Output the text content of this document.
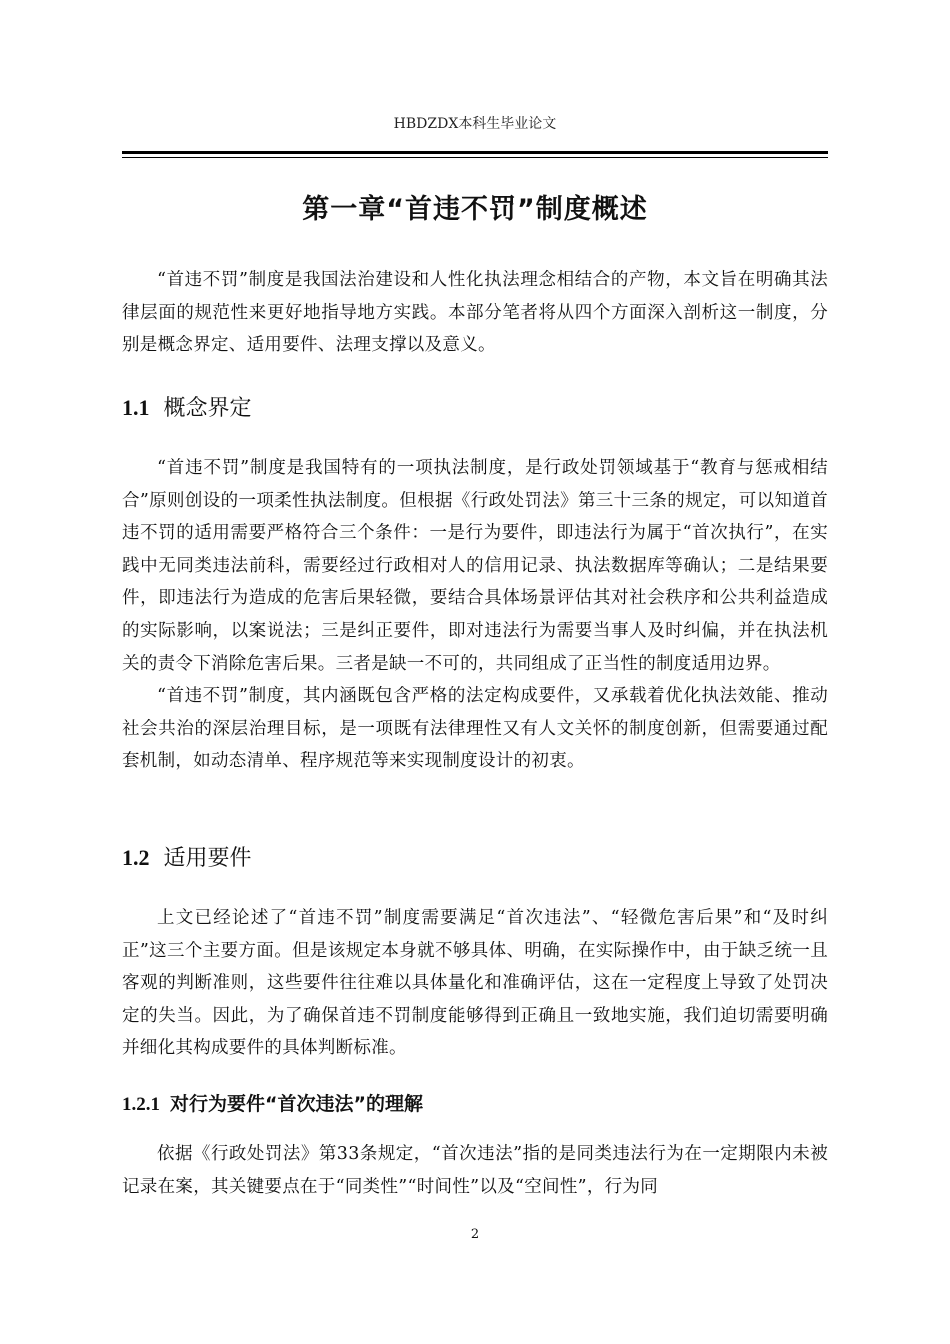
HBDZDX本科生毕业论文
第一章“首违不罚”制度概述

“首违不罚”制度是我国法治建设和人性化执法理念相结合的产物，本文旨在明确其法律层面的规范性来更好地指导地方实践。本部分笔者将从四个方面深入剖析这一制度，分别是概念界定、适用要件、法理支撑以及意义。

1.1 概念界定

“首违不罚”制度是我国特有的一项执法制度，是行政处罚领域基于“教育与惩戒相结合”原则创设的一项柔性执法制度。但根据《行政处罚法》第三十三条的规定，可以知道首违不罚的适用需要严格符合三个条件：一是行为要件，即违法行为属于“首次执行”，在实践中无同类违法前科，需要经过行政相对人的信用记录、执法数据库等确认；二是结果要件，即违法行为造成的危害后果轻微，要结合具体场景评估其对社会秩序和公共利益造成的实际影响，以案说法；三是纠正要件，即对违法行为需要当事人及时纠偏，并在执法机关的责令下消除危害后果。三者是缺一不可的，共同组成了正当性的制度适用边界。

“首违不罚”制度，其内涵既包含严格的法定构成要件，又承载着优化执法效能、推动社会共治的深层治理目标，是一项既有法律理性又有人文关怀的制度创新，但需要通过配套机制，如动态清单、程序规范等来实现制度设计的初衷。

1.2 适用要件

上文已经论述了“首违不罚”制度需要满足“首次违法”、“轻微危害后果”和“及时纠正”这三个主要方面。但是该规定本身就不够具体、明确，在实际操作中，由于缺乏统一且客观的判断准则，这些要件往往难以具体量化和准确评估，这在一定程度上导致了处罚决定的失当。因此，为了确保首违不罚制度能够得到正确且一致地实施，我们迫切需要明确并细化其构成要件的具体判断标准。

1.2.1 对行为要件“首次违法”的理解

依据《行政处罚法》第33条规定，“首次违法”指的是同类违法行为在一定期限内未被记录在案，其关键要点在于“同类性”“时间性”以及“空间性”，行为同

2
